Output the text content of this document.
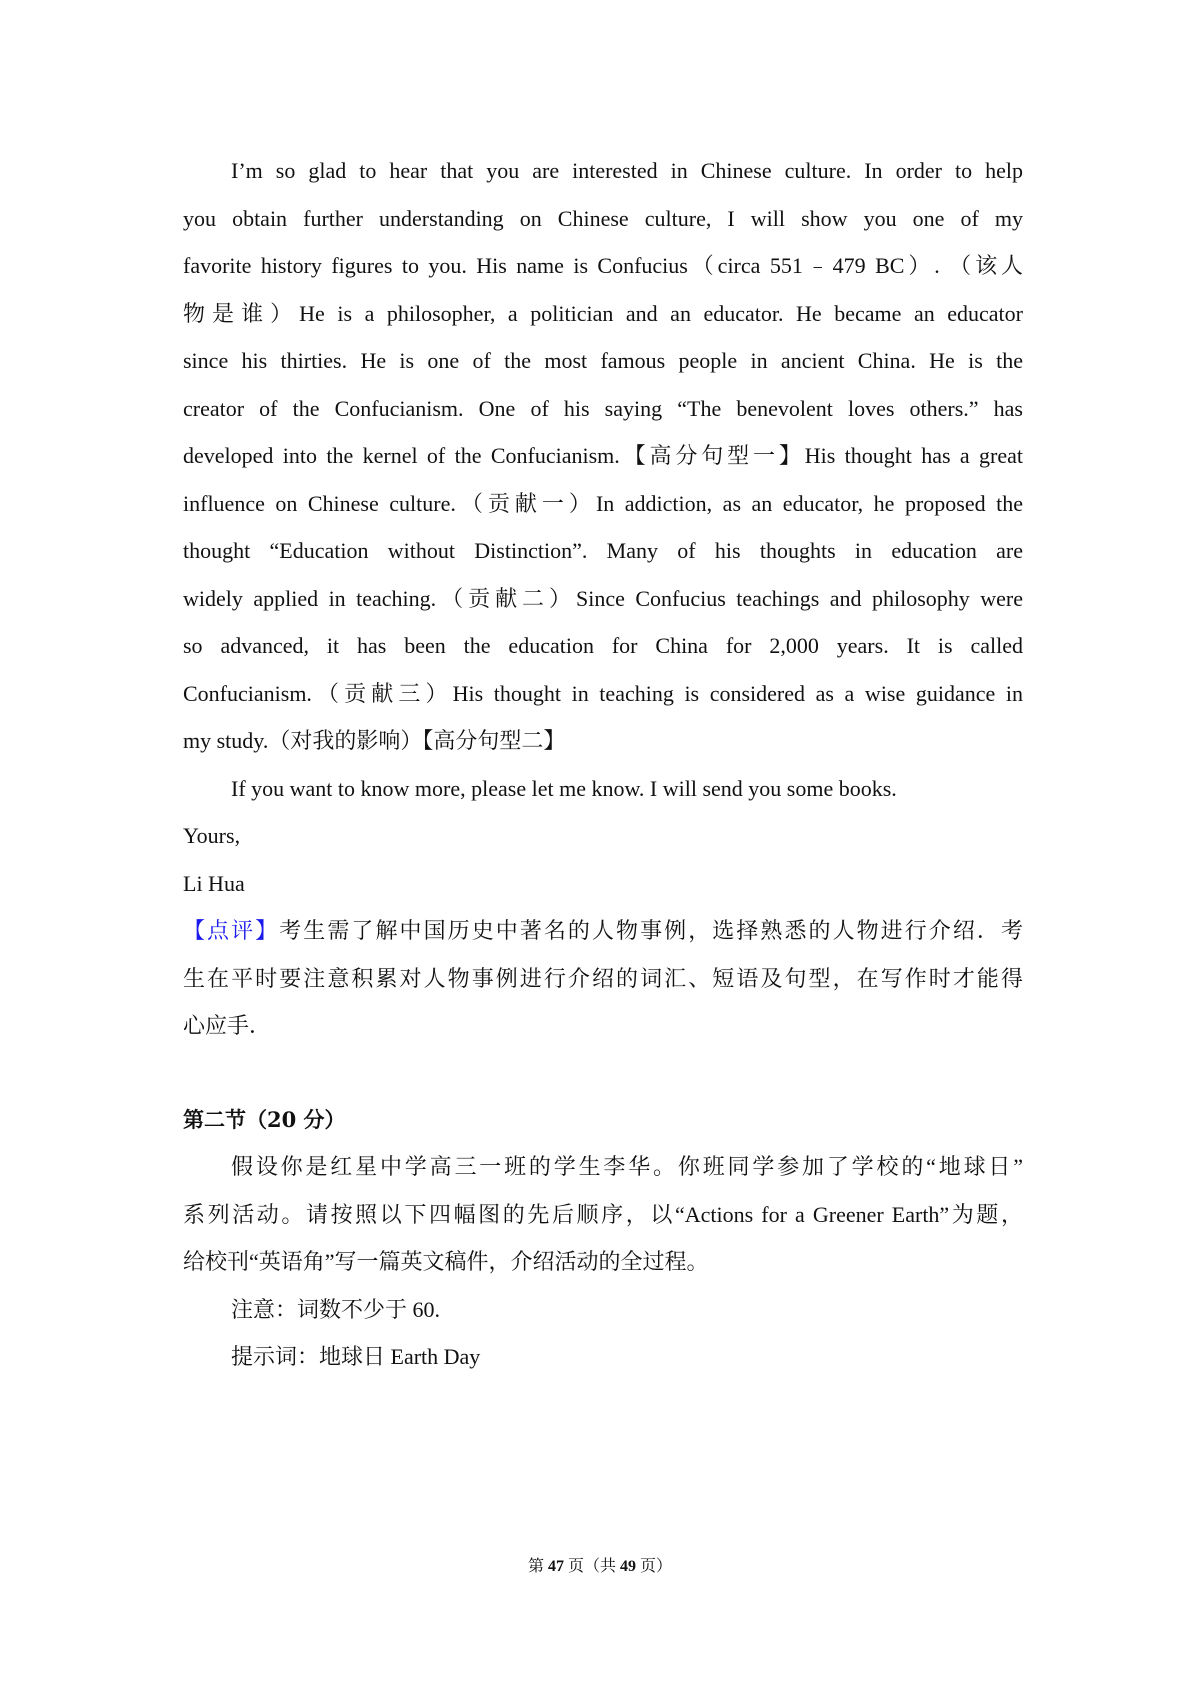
I’m so glad to hear that you are interested in Chinese culture. In order to help
you obtain further understanding on Chinese culture, I will show you one of my
favorite history figures to you. His name is Confucius（circa 551﹣479 BC）. （该人
物是谁）He is a philosopher, a politician and an educator. He became an educator
since his thirties. He is one of the most famous people in ancient China. He is the
creator of the Confucianism. One of his saying “The benevolent loves others.” has
developed into the kernel of the Confucianism.【高分句型一】His thought has a great
influence on Chinese culture.（贡献一）In addiction, as an educator, he proposed the
thought “Education without Distinction”. Many of his thoughts in education are
widely applied in teaching.（贡献二）Since Confucius teachings and philosophy were
so advanced, it has been the education for China for 2,000 years. It is called
Confucianism.（贡献三）His thought in teaching is considered as a wise guidance in
my study.（对我的影响）【高分句型二】
If you want to know more, please let me know. I will send you some books.
Yours,
Li Hua
【点评】考生需了解中国历史中著名的人物事例，选择熟悉的人物进行介绍．考
生在平时要注意积累对人物事例进行介绍的词汇、短语及句型，在写作时才能得
心应手．
第二节（20 分）
假设你是红星中学高三一班的学生李华。你班同学参加了学校的“地球日”
系列活动。请按照以下四幅图的先后顺序，以“Actions for a Greener Earth”为题，
给校刊“英语角”写一篇英文稿件，介绍活动的全过程。
注意：词数不少于 60.
提示词：地球日 Earth Day
第 47 页（共 49 页）
